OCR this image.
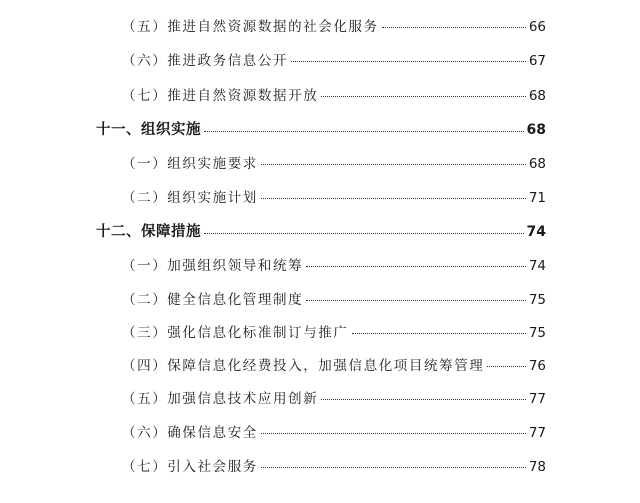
（五）推进自然资源数据的社会化服务	66
（六）推进政务信息公开	67
（七）推进自然资源数据开放	68
十一、组织实施	68
（一）组织实施要求	68
（二）组织实施计划	71
十二、保障措施	74
（一）加强组织领导和统筹	74
（二）健全信息化管理制度	75
（三）强化信息化标准制订与推广	75
（四）保障信息化经费投入，加强信息化项目统筹管理	76
（五）加强信息技术应用创新	77
（六）确保信息安全	77
（七）引入社会服务	78
